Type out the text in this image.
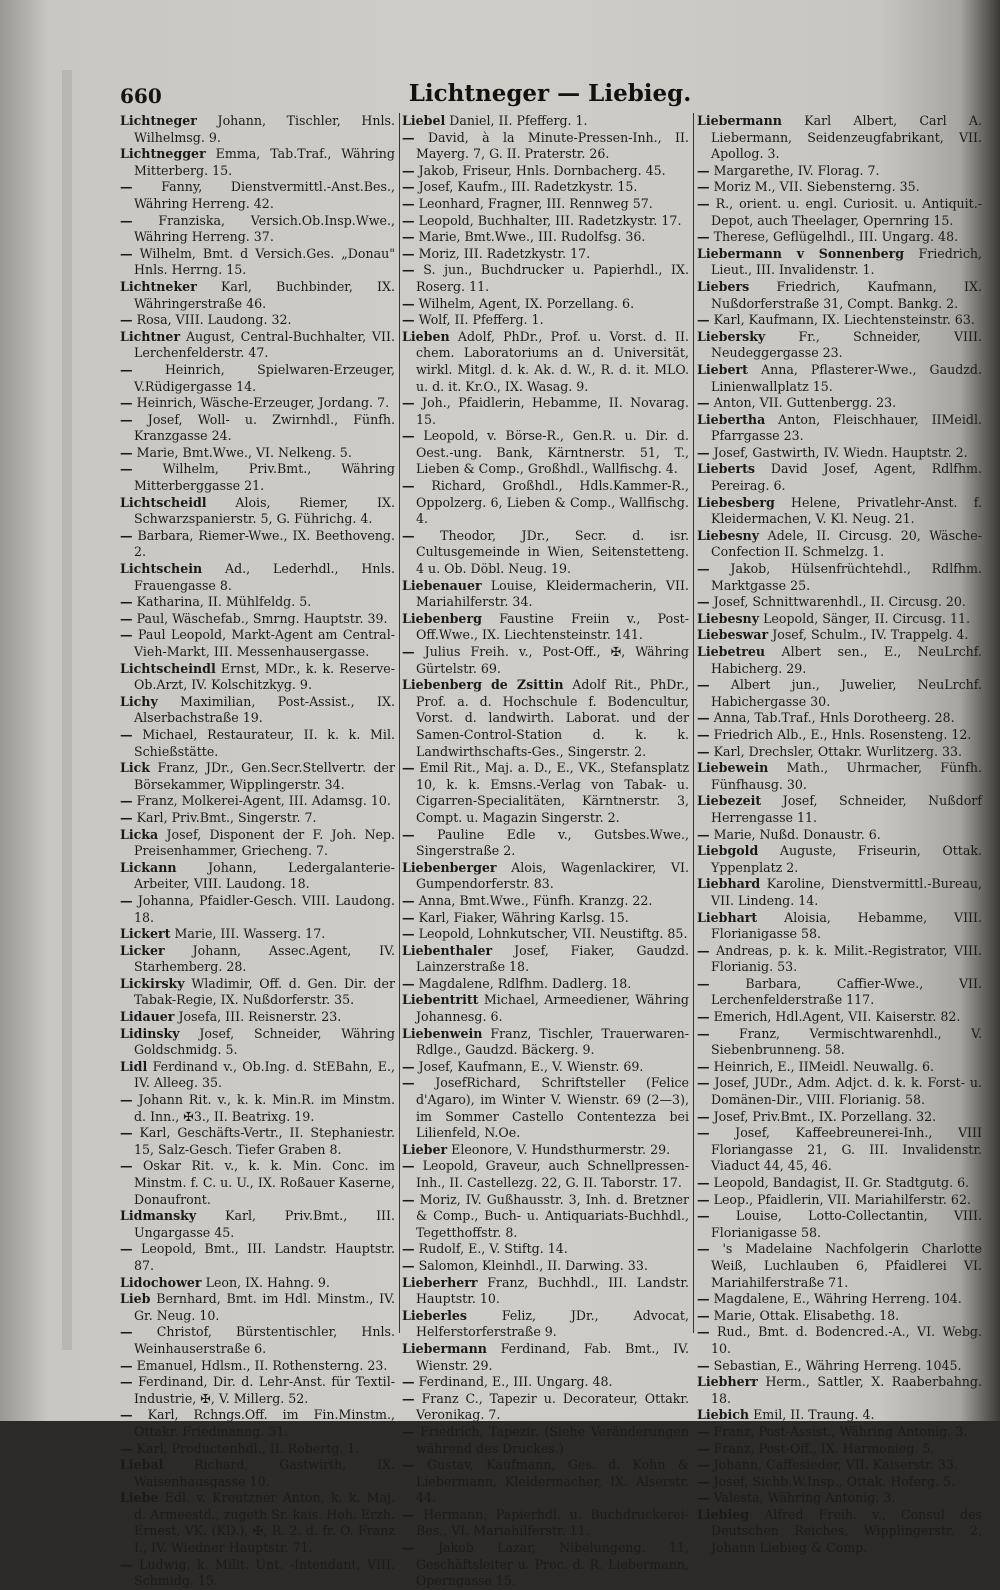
660	Lichtneger — Liebieg.

Lichtneger Johann, Tischler, Hnls. Wilhelmsg. 9.

Lichtnegger Emma, Tab.Traf., Währing Mitterberg. 15.

— Fanny, Dienstvermittl.-Anst.Bes., Währing Herreng. 42.

— Franziska, Versich.Ob.Insp.Wwe., Währing Herreng. 37.

— Wilhelm, Bmt. d Versich.Ges. „Donau" Hnls. Herrng. 15.

Lichtneker Karl, Buchbinder, IX. Währingerstraße 46.

— Rosa, VIII. Laudong. 32.

Lichtner August, Central-Buchhalter, VII. Lerchenfelderstr. 47.

—	Heinrich, Spielwaren-Erzeuger, V.Rüdigergasse 14.

— Heinrich, Wäsche-Erzeuger, Jordang. 7.

— Josef, Woll- u. Zwirnhdl., Fünfh. Kranzgasse 24.

— Marie, Bmt.Wwe., VI. Nelkeng. 5.

— Wilhelm, Priv.Bmt., Währing Mitterberggasse 21.

Lichtscheidl Alois, Riemer, IX. Schwarzspanierstr. 5, G. Führichg. 4.

— Barbara, Riemer-Wwe., IX. Beethoveng. 2.

Lichtschein Ad., Lederhdl., Hnls. Frauengasse 8.

— Katharina, II. Mühlfeldg. 5.

— Paul, Wäschefab., Smrng. Hauptstr. 39.

— Paul Leopold, Markt-Agent am Central-Vieh-Markt, III. Messenhausergasse.

Lichtscheindl Ernst, MDr., k. k. Reserve-Ob.Arzt, IV. Kolschitzkyg. 9.

Lichy Maximilian, Post-Assist., IX. Alserbachstraße 19.

— Michael, Restaurateur, II. k. k. Mil. Schießstätte.

Lick Franz, JDr., Gen.Secr.Stellvertr. der Börsekammer, Wipplingerstr. 34.

— Franz, Molkerei-Agent, III. Adamsg. 10.

— Karl, Priv.Bmt., Singerstr. 7.

Licka Josef, Disponent der F. Joh. Nep. Preisenhammer, Griecheng. 7.

Lickann	Johann, Ledergalanterie-Arbeiter, VIII. Laudong. 18.

— Johanna, Pfaidler-Gesch. VIII. Laudong. 18.

Lickert Marie, III. Wasserg. 17.

Licker Johann, Assec.Agent, IV. Starhemberg. 28.

Lickirsky Wladimir, Off. d. Gen. Dir. der Tabak-Regie, IX. Nußdorferstr. 35.

Lidauer Josefa, III. Reisnerstr. 23.

Lidinsky Josef, Schneider, Währing Goldschmidg. 5.

Lidl Ferdinand v., Ob.Ing. d. StEBahn, E., IV. Alleeg. 35.

— Johann Rit. v., k. k. Min.R. im Minstm. d. Inn., ✠3., II. Beatrixg. 19.

— Karl, Geschäfts-Vertr., II. Stephaniestr. 15, Salz-Gesch. Tiefer Graben 8.

— Oskar Rit. v., k. k. Min. Conc. im Minstm. f. C. u. U., IX. Roßauer Kaserne, Donaufront.

Lidmansky Karl, Priv.Bmt., III. Ungargasse 45.

— Leopold, Bmt., III. Landstr. Hauptstr. 87.

Lidochower Leon, IX. Hahng. 9.

Lieb Bernhard, Bmt. im Hdl. Minstm., IV. Gr. Neug. 10.

— Christof, Bürstentischler, Hnls. Weinhauserstraße 6.

— Emanuel, Hdlsm., II. Rothensterng. 23.

— Ferdinand, Dir. d. Lehr-Anst. für Textil-Industrie, ✠, V. Millerg. 52.

— Karl, Rchngs.Off. im Fin.Minstm., Ottakr. Friedmanng. 51.

— Karl, Productenhdl., II. Robertg. 1.

Liebal Richard, Gastwirth, IX. Waisenhausgasse 10.

Liebe Edl. v. Kreutzner Anton, k. k. Maj. d. Armeestd., zugeth Sr. kais. Hoh. Erzh. Ernest, VK. (KD.), ✠, R. 2. d. fr. O. Franz I., IV. Wiedner Hauptstr. 71.

— Ludwig, k. Milit. Unt. -Intendant, VIII. Schmidg. 15.

Liebel Daniel, II. Pfefferg. 1.

— David, à la Minute-Pressen-Inh., II. Mayerg. 7, G. II. Praterstr. 26.

— Jakob, Friseur, Hnls. Dornbacherg. 45.

— Josef, Kaufm., III. Radetzkystr. 15.

— Leonhard, Fragner, III. Rennweg 57.

— Leopold, Buchhalter, III. Radetzkystr. 17.

— Marie, Bmt.Wwe., III. Rudolfsg. 36.

— Moriz, III. Radetzkystr. 17.

— S. jun., Buchdrucker u. Papierhdl., IX. Roserg. 11.

— Wilhelm, Agent, IX. Porzellang. 6.

— Wolf, II. Pfefferg. 1.

Lieben Adolf, PhDr., Prof. u. Vorst. d. II. chem. Laboratoriums an d. Universität, wirkl. Mitgl. d. k. Ak. d. W., R. d. it. MLO. u. d. it. Kr.O., IX. Wasag. 9.

— Joh., Pfaidlerin, Hebamme, II. Novarag. 15.

— Leopold, v. Börse-R., Gen.R. u. Dir. d. Oest.-ung. Bank, Kärntnerstr. 51, T., Lieben & Comp., Großhdl., Wallfischg. 4.

— Richard, Großhdl., Hdls.Kammer-R., Oppolzerg. 6, Lieben & Comp., Wallfischg. 4.

— Theodor, JDr., Secr. d. isr. Cultusgemeinde in Wien, Seitenstetteng. 4 u. Ob. Döbl. Neug. 19.

Liebenauer Louise, Kleidermacherin, VII. Mariahilferstr. 34.

Liebenberg Faustine Freiin v., Post-Off.Wwe., IX. Liechtensteinstr. 141.

— Julius Freih. v., Post-Off., ✠, Währing Gürtelstr. 69.

Liebenberg de Zsittin Adolf Rit., PhDr., Prof. a. d. Hochschule f. Bodencultur, Vorst. d. landwirth. Laborat. und der Samen-Control-Station d. k. k. Landwirthschafts-Ges., Singerstr. 2.

— Emil Rit., Maj. a. D., E., VK., Stefansplatz 10, k. k. Emsns.-Verlag von Tabak- u. Cigarren-Specialitäten, Kärntnerstr. 3, Compt. u. Magazin Singerstr. 2.

— Pauline Edle v., Gutsbes.Wwe., Singerstraße 2.

Liebenberger Alois, Wagenlackirer, VI. Gumpendorferstr. 83.

— Anna, Bmt.Wwe., Fünfh. Kranzg. 22.

— Karl, Fiaker, Währing Karlsg. 15.

— Leopold, Lohnkutscher, VII. Neustiftg. 85.

Liebenthaler Josef, Fiaker, Gaudzd. Lainzerstraße 18.

— Magdalene, Rdlfhm. Dadlerg. 18.

Liebentritt Michael, Armeediener, Währing Johannesg. 6.

Liebenwein Franz, Tischler, Trauerwaren-Rdlge., Gaudzd. Bäckerg. 9.

— Josef, Kaufmann, E., V. Wienstr. 69.

— JosefRichard, Schriftsteller (Felice d'Agaro), im Winter V. Wienstr. 69 (2—3), im Sommer Castello Contentezza bei Lilienfeld, N.Oe.

Lieber Eleonore, V. Hundsthurmerstr. 29.

— Leopold, Graveur, auch Schnellpressen-Inh., II. Castellezg. 22, G. II. Taborstr. 17.

— Moriz, IV. Gußhausstr. 3, Inh. d. Bretzner & Comp., Buch- u. Antiquariats-Buchhdl., Tegetthoffstr. 8.

— Rudolf, E., V. Stiftg. 14.

— Salomon, Kleinhdl., II. Darwing. 33.

Lieberherr Franz, Buchhdl., III. Landstr. Hauptstr. 10.

Lieberles	Feliz, JDr., Advocat, Helferstorferstraße 9.

Liebermann Ferdinand, Fab. Bmt., IV. Wienstr. 29.

— Ferdinand, E., III. Ungarg. 48.

— Franz C., Tapezir u. Decorateur, Ottakr. Veronikag. 7.

— Friedrich, Tapezir. (Siehe Veränderungen während des Druckes.)

— Gustav, Kaufmann, Ges. d. Kohn & Liebermann, Kleidermacher, IX. Alserstr. 44.

— Hermann, Papierhdl. u. Buchdruckerei-Bes., VI. Mariahilferstr. 11.

— Jakob Lazar, Nibelungeng. 11, Geschäftsleiter u. Proc. d. R. Liebermann, Operngasse 15.

Liebermann Karl Albert, Carl A. Liebermann, Seidenzeugfabrikant, VII. Apollog. 3.

— Margarethe, IV. Florag. 7.

— Moriz M., VII. Siebensterng. 35.

— R., orient. u. engl. Curiosit. u. Antiquit.-Depot, auch Theelager, Opernring 15.

— Therese, Geflügelhdl., III. Ungarg. 48.

Liebermann v Sonnenberg Friedrich, Lieut., III. Invalidenstr. 1.

Liebers Friedrich, Kaufmann, IX. Nußdorferstraße 31, Compt. Bankg. 2.

— Karl, Kaufmann, IX. Liechtensteinstr. 63.

Liebersky	Fr., Schneider, VIII. Neudeggergasse 23.

Liebert Anna, Pflasterer-Wwe., Gaudzd. Linienwallplatz 15.

— Anton, VII. Guttenbergg. 23.

Liebertha Anton, Fleischhauer, IIMeidl. Pfarrgasse 23.

— Josef, Gastwirth, IV. Wiedn. Hauptstr. 2.

Lieberts David Josef, Agent, Rdlfhm. Pereirag. 6.

Liebesberg Helene, Privatlehr-Anst. f. Kleidermachen, V. Kl. Neug. 21.

Liebesny Adele, II. Circusg. 20, Wäsche-Confection II. Schmelzg. 1.

— Jakob, Hülsenfrüchtehdl., Rdlfhm. Marktgasse 25.

— Josef, Schnittwarenhdl., II. Circusg. 20.

Liebesny Leopold, Sänger, II. Circusg. 11.

Liebeswar Josef, Schulm., IV. Trappelg. 4.

Liebetreu Albert sen., E., NeuLrchf. Habicherg. 29.

— Albert jun., Juwelier, NeuLrchf. Habichergasse 30.

— Anna, Tab.Traf., Hnls Dorotheerg. 28.

— Friedrich Alb., E., Hnls. Rosensteng. 12.

— Karl, Drechsler, Ottakr. Wurlitzerg. 33.

Liebewein Math., Uhrmacher, Fünfh. Fünfhausg. 30.

Liebezeit Josef, Schneider, Nußdorf Herrengasse 11.

— Marie, Nußd. Donaustr. 6.

Liebgold Auguste, Friseurin, Ottak. Yppenplatz 2.

Liebhard Karoline, Dienstvermittl.-Bureau, VII. Lindeng. 14.

Liebhart Aloisia, Hebamme, VIII. Florianigasse 58.

— Andreas, p. k. k. Milit.-Registrator, VIII. Florianig. 53.

—	Barbara, Caffier-Wwe., VII. Lerchenfelderstraße 117.

— Emerich, Hdl.Agent, VII. Kaiserstr. 82.

— Franz, Vermischtwarenhdl., V. Siebenbrunneng. 58.

— Heinrich, E., IIMeidl. Neuwallg. 6.

— Josef, JUDr., Adm. Adjct. d. k. k. Forst- u. Domänen-Dir., VIII. Florianig. 58.

— Josef, Priv.Bmt., IX. Porzellang. 32.

— Josef, Kaffeebreunerei-Inh., VIII Floriangasse 21, G. III. Invalidenstr. Viaduct 44, 45, 46.

— Leopold, Bandagist, II. Gr. Stadtgutg. 6.

— Leop., Pfaidlerin, VII. Mariahilferstr. 62.

— Louise, Lotto-Collectantin, VIII. Florianigasse 58.

— 's Madelaine Nachfolgerin Charlotte Weiß, Luchlauben 6, Pfaidlerei VI. Mariahilferstraße 71.

— Magdalene, E., Währing Herreng. 104.

— Marie, Ottak. Elisabethg. 18.

— Rud., Bmt. d. Bodencred.-A., VI. Webg. 10.

— Sebastian, E., Währing Herreng. 1045.

Liebherr Herm., Sattler, X. Raaberbahng. 18.

Liebich Emil, II. Traung. 4.

— Franz, Post-Assist., Währing Antonig. 3.

— Franz, Post-Off., IX. Harmonieg. 5.

— Johann, Caffesieder, VII. Kaiserstr. 33.

— Josef, Sichb.W.Insp., Ottak. Hoferg. 5.

— Valesta, Währing Antonig. 3.

Liebieg Alfred Freih. v., Consul des Deutschen Reiches, Wipplingerstr. 2, Johann Liebieg & Comp.
